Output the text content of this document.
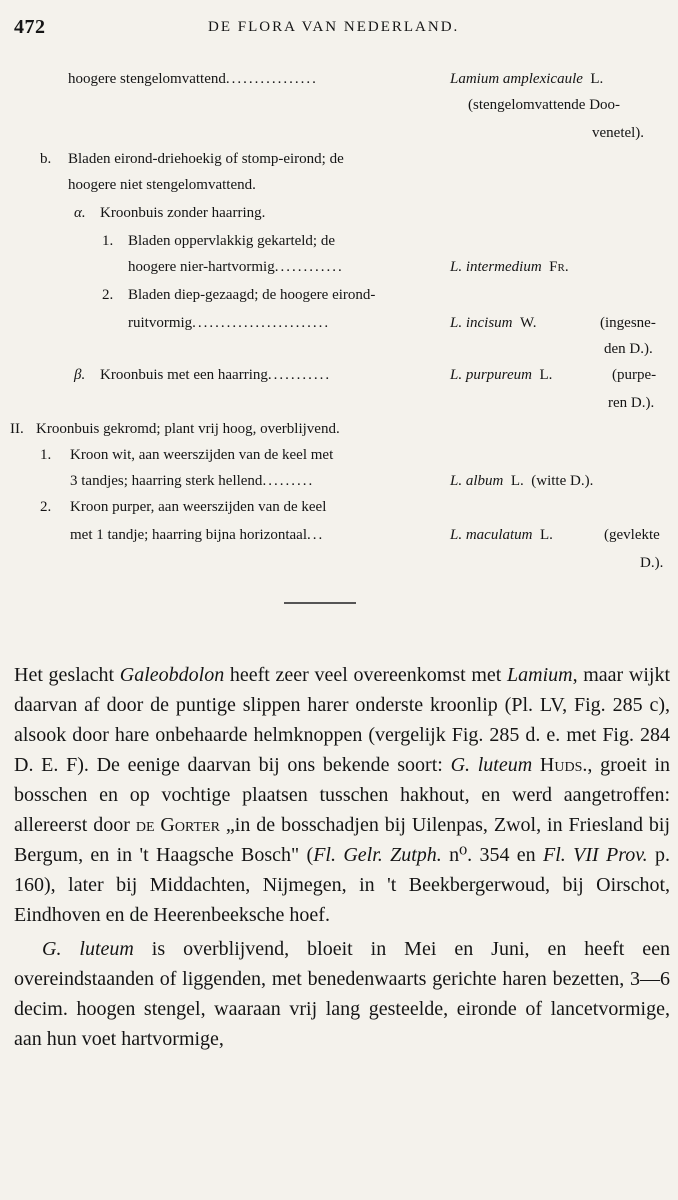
472	DE FLORA VAN NEDERLAND.
hoogere stengelomvattend................	Lamium amplexicaule L.
(stengelomvattende Doo-
venetel).
b. Bladen eirond-driehoekig of stomp-eirond; de
hoogere niet stengelomvattend.
α. Kroonbuis zonder haarring.
1. Bladen oppervlakkig gekarteld; de
hoogere nier-hartvormig............	L. intermedium Fr.
2. Bladen diep-gezaagd; de hoogere eirond-
ruitvormig........................	L. incisum W.	(ingesne-
den D.).
β. Kroonbuis met een haarring...........	L. purpureum L.	(purpe-
ren D.).
II. Kroonbuis gekromd; plant vrij hoog, overblijvend.
1. Kroon wit, aan weerszijden van de keel met
3 tandjes; haarring sterk hellend.........	L. album L. (witte D.).
2. Kroon purper, aan weerszijden van de keel
met 1 tandje; haarring bijna horizontaal...	L. maculatum L.	(gevlekte
D.).

Het geslacht Galeobdolon heeft zeer veel overeenkomst met Lamium, maar wijkt daarvan af door de puntige slippen harer onderste kroonlip (Pl. LV, Fig. 285 c), alsook door hare onbehaarde helmknoppen (vergelijk Fig. 285 d. e. met Fig. 284 D. E. F). De eenige daarvan bij ons bekende soort: G. luteum Huds., groeit in bosschen en op vochtige plaatsen tusschen hakhout, en werd aangetroffen: allereerst door de Gorter „in de bosschadjen bij Uilenpas, Zwol, in Friesland bij Bergum, en in 't Haagsche Bosch" (Fl. Gelr. Zutph. n⁰. 354 en Fl. VII Prov. p. 160), later bij Middachten, Nijmegen, in 't Beekbergerwoud, bij Oirschot, Eindhoven en de Heerenbeeksche hoef.

G. luteum is overblijvend, bloeit in Mei en Juni, en heeft een overeindstaanden of liggenden, met benedenwaarts gerichte haren bezetten, 3—6 decim. hoogen stengel, waaraan vrij lang gesteelde, eironde of lancetvormige, aan hun voet hartvormige,
